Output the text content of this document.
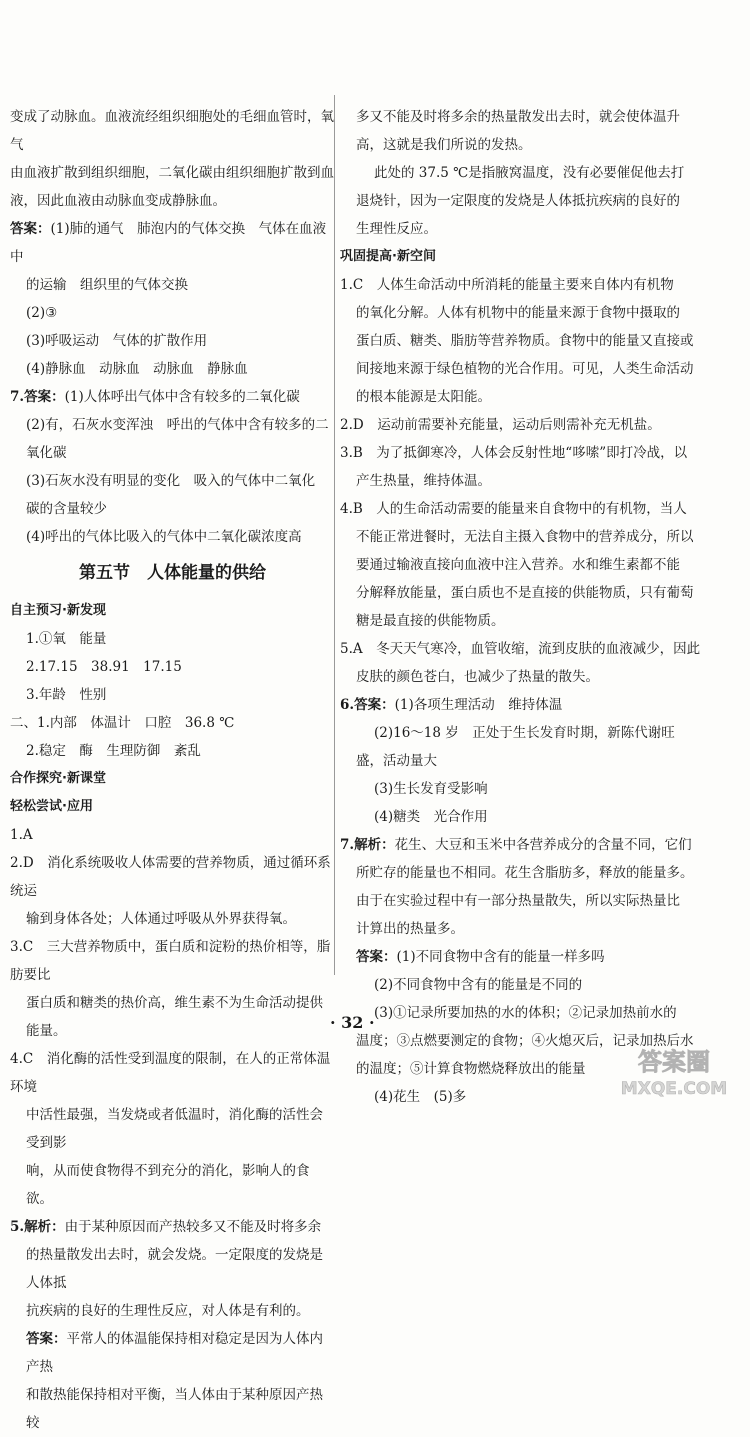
变成了动脉血。血液流经组织细胞处的毛细血管时，氧气

由血液扩散到组织细胞，二氧化碳由组织细胞扩散到血

液，因此血液由动脉血变成静脉血。

答案：(1)肺的通气　肺泡内的气体交换　气体在血液中

的运输　组织里的气体交换

(2)③

(3)呼吸运动　气体的扩散作用

(4)静脉血　动脉血　动脉血　静脉血

7.答案：(1)人体呼出气体中含有较多的二氧化碳

(2)有，石灰水变浑浊　呼出的气体中含有较多的二

氧化碳

(3)石灰水没有明显的变化　吸入的气体中二氧化

碳的含量较少

(4)呼出的气体比吸入的气体中二氧化碳浓度高

第五节　人体能量的供给

自主预习·新发现

1.①氧　能量

2.17.15　38.91　17.15

3.年龄　性别

二、1.内部　体温计　口腔　36.8 ℃

2.稳定　酶　生理防御　紊乱

合作探究·新课堂

轻松尝试·应用

1.A

2.D　消化系统吸收人体需要的营养物质，通过循环系统运

输到身体各处；人体通过呼吸从外界获得氧。

3.C　三大营养物质中，蛋白质和淀粉的热价相等，脂肪要比

蛋白质和糖类的热价高，维生素不为生命活动提供能量。

4.C　消化酶的活性受到温度的限制，在人的正常体温环境

中活性最强，当发烧或者低温时，消化酶的活性会受到影

响，从而使食物得不到充分的消化，影响人的食欲。

5.解析：由于某种原因而产热较多又不能及时将多余

的热量散发出去时，就会发烧。一定限度的发烧是人体抵

抗疾病的良好的生理性反应，对人体是有利的。

答案：平常人的体温能保持相对稳定是因为人体内产热

和散热能保持相对平衡，当人体由于某种原因产热较

多又不能及时将多余的热量散发出去时，就会使体温升

高，这就是我们所说的发热。

此处的 37.5 ℃是指腋窝温度，没有必要催促他去打

退烧针，因为一定限度的发烧是人体抵抗疾病的良好的

生理性反应。

巩固提高·新空间

1.C　人体生命活动中所消耗的能量主要来自体内有机物

的氧化分解。人体有机物中的能量来源于食物中摄取的

蛋白质、糖类、脂肪等营养物质。食物中的能量又直接或

间接地来源于绿色植物的光合作用。可见，人类生命活动

的根本能源是太阳能。

2.D　运动前需要补充能量，运动后则需补充无机盐。

3.B　为了抵御寒冷，人体会反射性地“哆嗦”即打冷战，以

产生热量，维持体温。

4.B　人的生命活动需要的能量来自食物中的有机物，当人

不能正常进餐时，无法自主摄入食物中的营养成分，所以

要通过输液直接向血液中注入营养。水和维生素都不能

分解释放能量，蛋白质也不是直接的供能物质，只有葡萄

糖是最直接的供能物质。

5.A　冬天天气寒冷，血管收缩，流到皮肤的血液减少，因此

皮肤的颜色苍白，也减少了热量的散失。

6.答案：(1)各项生理活动　维持体温

(2)16～18 岁　正处于生长发育时期，新陈代谢旺

盛，活动量大

(3)生长发育受影响

(4)糖类　光合作用

7.解析：花生、大豆和玉米中各营养成分的含量不同，它们

所贮存的能量也不相同。花生含脂肪多，释放的能量多。

由于在实验过程中有一部分热量散失，所以实际热量比

计算出的热量多。

答案：(1)不同食物中含有的能量一样多吗

(2)不同食物中含有的能量是不同的

(3)①记录所要加热的水的体积；②记录加热前水的

温度；③点燃要测定的食物；④火熄灭后，记录加热后水

的温度；⑤计算食物燃烧释放出的能量

(4)花生　(5)多

· 32 ·
答案圈
MXQE.COM
